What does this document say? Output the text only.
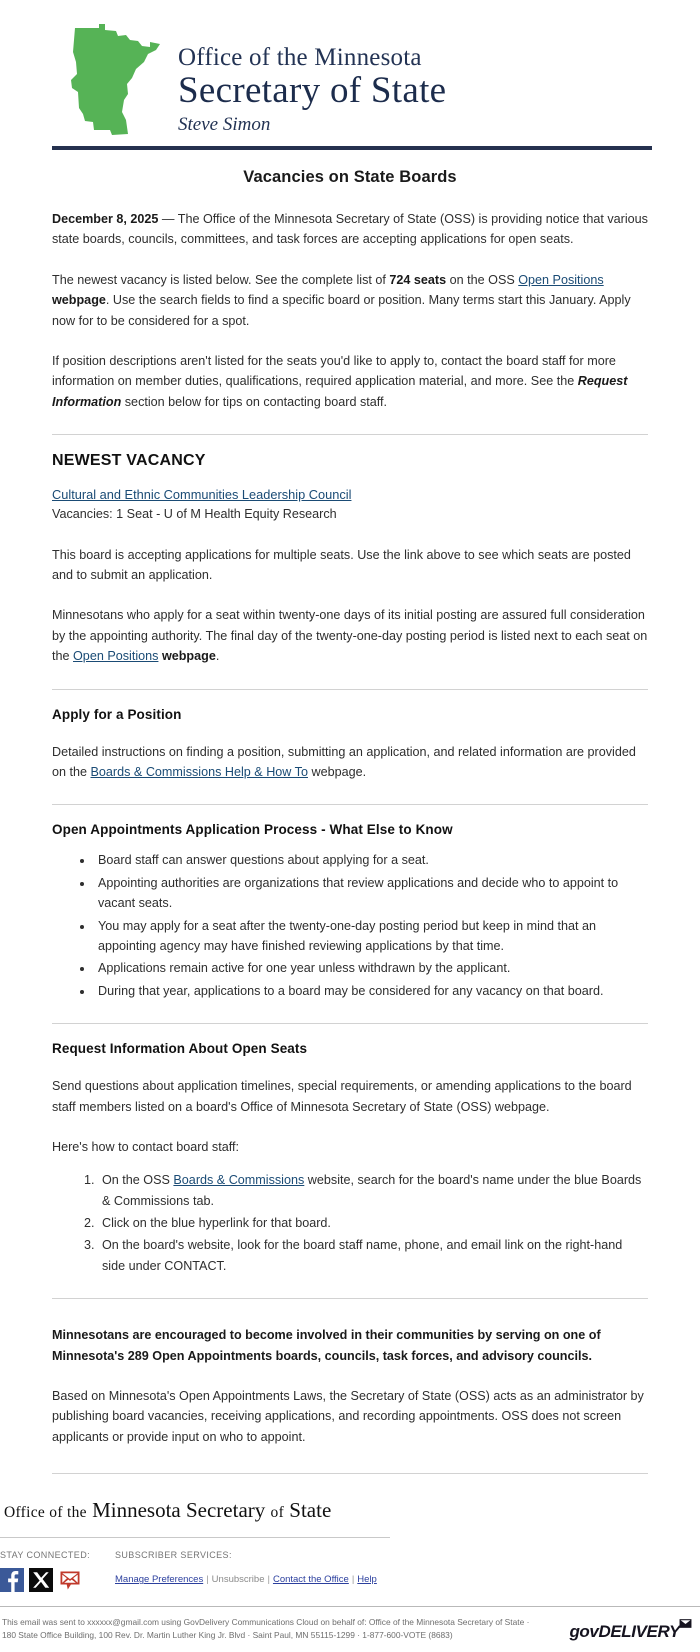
Office of the Minnesota
Secretary of State
Steve Simon
Vacancies on State Boards

December 8, 2025 — The Office of the Minnesota Secretary of State (OSS) is providing notice that various state boards, councils, committees, and task forces are accepting applications for open seats.

The newest vacancy is listed below. See the complete list of 724 seats on the OSS Open Positions webpage. Use the search fields to find a specific board or position. Many terms start this January. Apply now for to be considered for a spot.

If position descriptions aren't listed for the seats you'd like to apply to, contact the board staff for more information on member duties, qualifications, required application material, and more. See the Request Information section below for tips on contacting board staff.

NEWEST VACANCY
Cultural and Ethnic Communities Leadership Council
Vacancies: 1 Seat - U of M Health Equity Research

This board is accepting applications for multiple seats. Use the link above to see which seats are posted and to submit an application.

Minnesotans who apply for a seat within twenty-one days of its initial posting are assured full consideration by the appointing authority. The final day of the twenty-one-day posting period is listed next to each seat on the Open Positions webpage.

Apply for a Position

Detailed instructions on finding a position, submitting an application, and related information are provided on the Boards & Commissions Help & How To webpage.

Open Appointments Application Process - What Else to Know
• Board staff can answer questions about applying for a seat.
• Appointing authorities are organizations that review applications and decide who to appoint to vacant seats.
• You may apply for a seat after the twenty-one-day posting period but keep in mind that an appointing agency may have finished reviewing applications by that time.
• Applications remain active for one year unless withdrawn by the applicant.
• During that year, applications to a board may be considered for any vacancy on that board.
Request Information About Open Seats

Send questions about application timelines, special requirements, or amending applications to the board staff members listed on a board's Office of Minnesota Secretary of State (OSS) webpage.

Here's how to contact board staff:

1. On the OSS Boards & Commissions website, search for the board's name under the blue Boards & Commissions tab.
2. Click on the blue hyperlink for that board.
3. On the board's website, look for the board staff name, phone, and email link on the right-hand side under CONTACT.

Minnesotans are encouraged to become involved in their communities by serving on one of Minnesota's 289 Open Appointments boards, councils, task forces, and advisory councils.

Based on Minnesota's Open Appointments Laws, the Secretary of State (OSS) acts as an administrator by publishing board vacancies, receiving applications, and recording appointments. OSS does not screen applicants or provide input on who to appoint.

Office of the Minnesota Secretary of State
STAY CONNECTED:	SUBSCRIBER SERVICES:
Manage Preferences | Unsubscribe | Contact the Office | Help
This email was sent to xxxxxx@gmail.com using GovDelivery Communications Cloud on behalf of: Office of the Minnesota Secretary of State · 180 State Office Building, 100 Rev. Dr. Martin Luther King Jr. Blvd · Saint Paul, MN 55115-1299 · 1-877-600-VOTE (8683)	govDELIVERY
